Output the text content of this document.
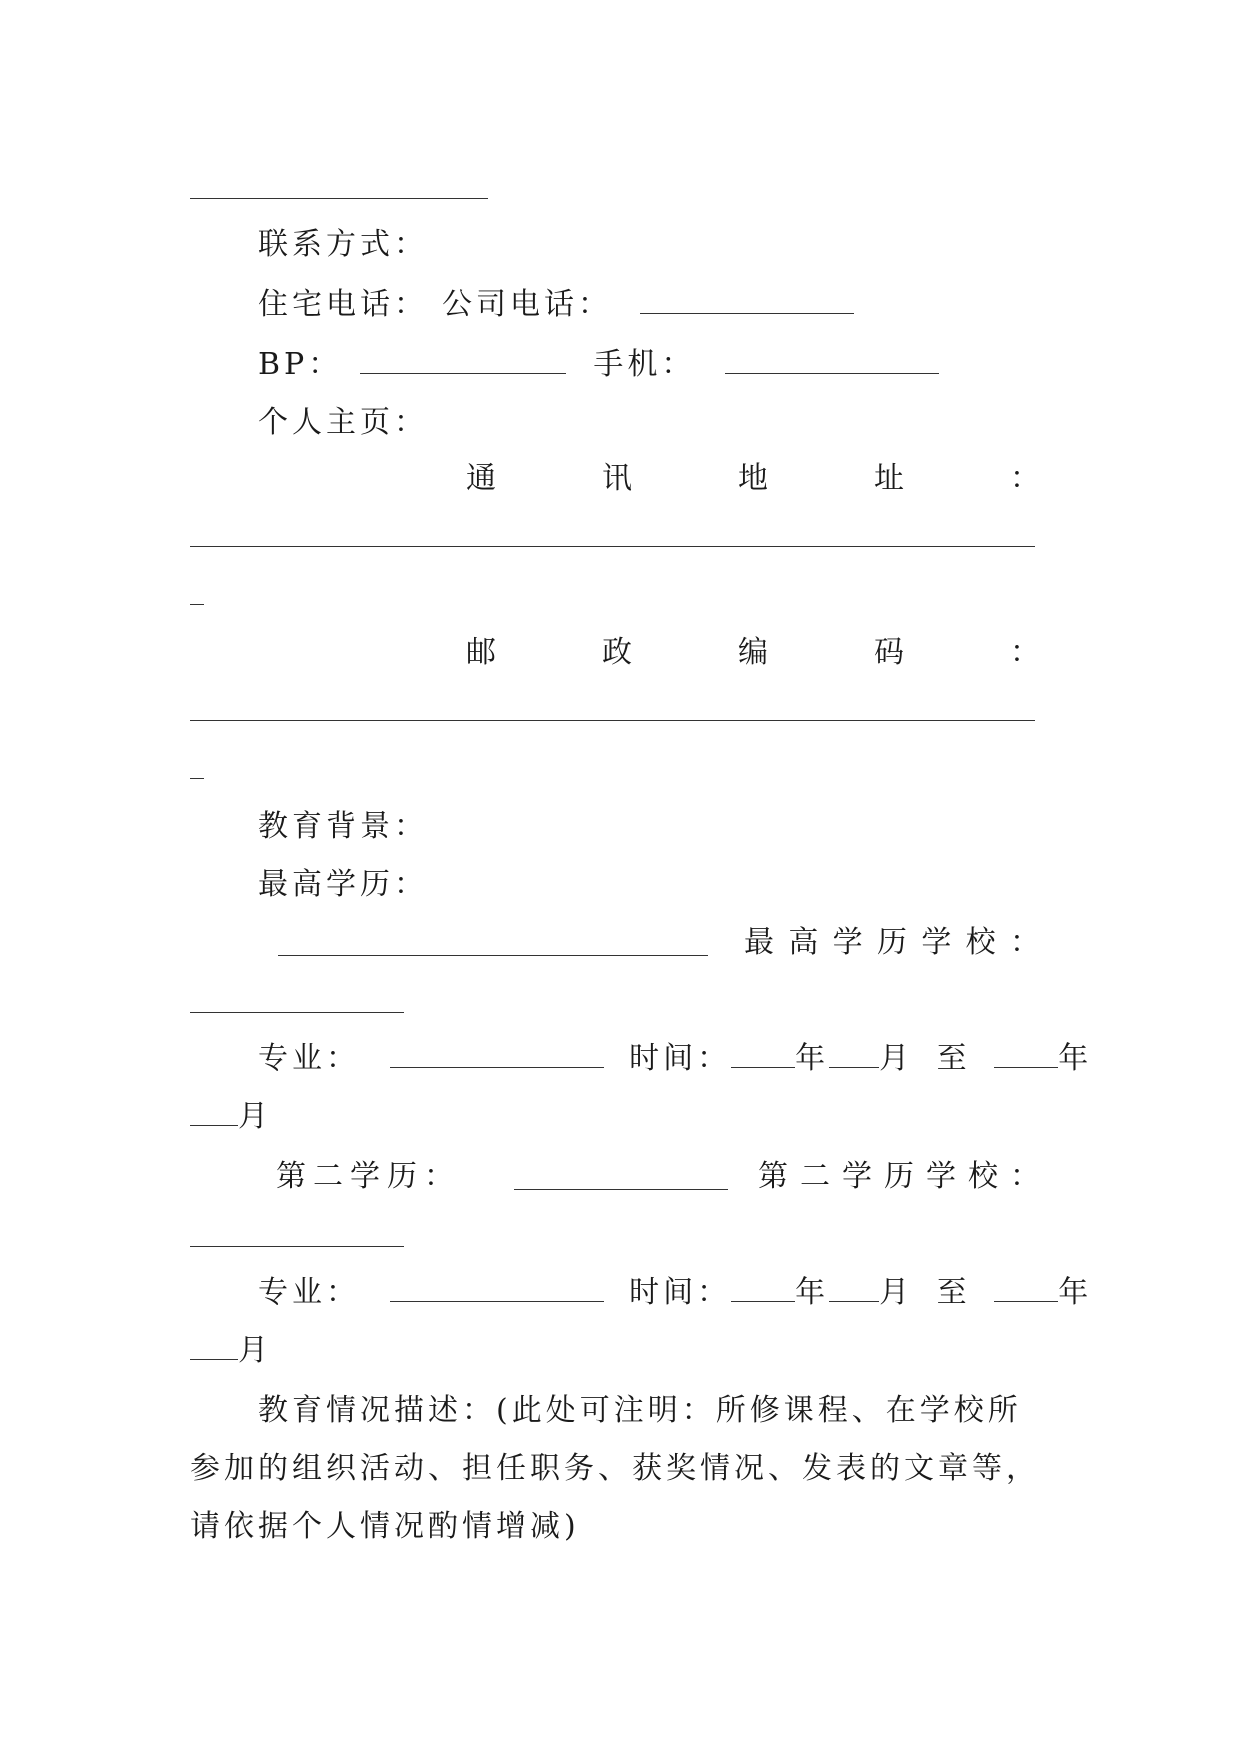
联系方式：
住宅电话： 公司电话：
BP：	手机：
个人主页：
通	讯	地	址	：
邮	政	编	码	：
教育背景：
最高学历：
最 高 学 历 学 校 ：
专业：	时间： 年 月 至	年
月
第 二 学 历 ：	第 二 学 历 学 校 ：
专业：	时间： 年 月 至	年
月
教育情况描述：(此处可注明：所修课程、在学校所参加的组织活动、担任职务、获奖情况、发表的文章等，请依据个人情况酌情增减)
